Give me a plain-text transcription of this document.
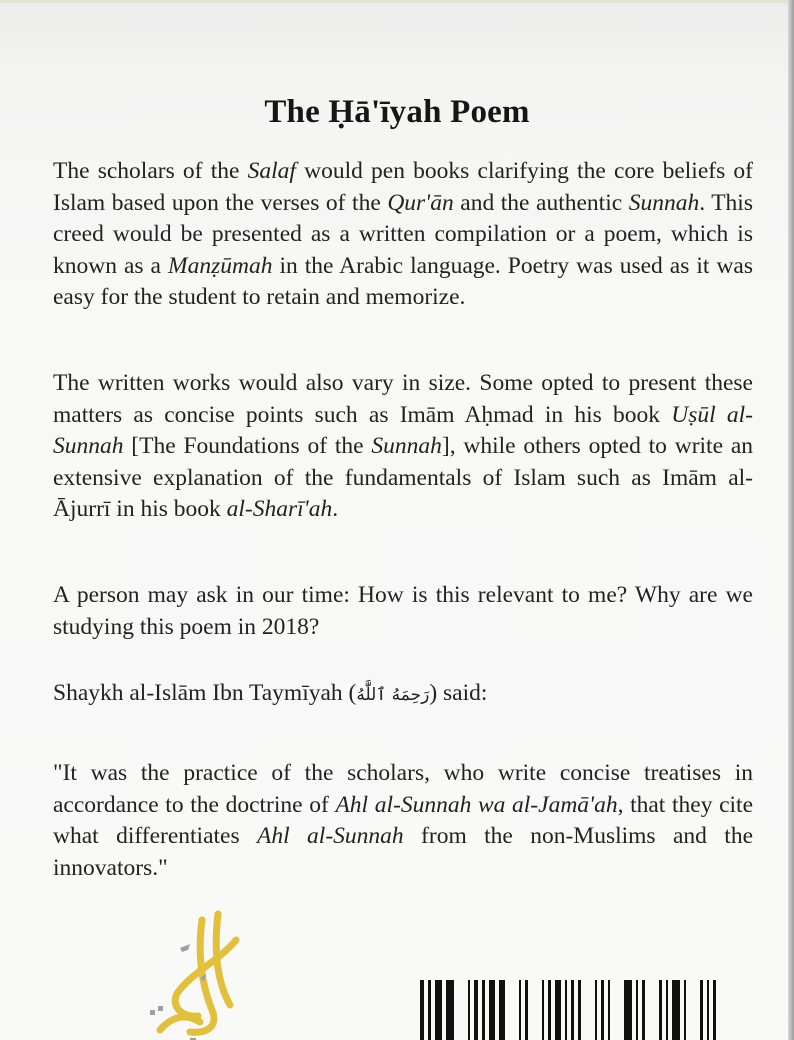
The Ḥā'īyah Poem

The scholars of the Salaf would pen books clarifying the core beliefs of Islam based upon the verses of the Qur'ān and the authentic Sunnah. This creed would be presented as a written compilation or a poem, which is known as a Manẓūmah in the Arabic language. Poetry was used as it was easy for the student to retain and memorize.

The written works would also vary in size. Some opted to present these matters as concise points such as Imām Aḥmad in his book Uṣūl al-Sunnah [The Foundations of the Sunnah], while others opted to write an extensive explanation of the fundamentals of Islam such as Imām al-Ājurrī in his book al-Sharī'ah.

A person may ask in our time: How is this relevant to me? Why are we studying this poem in 2018?

Shaykh al-Islām Ibn Taymīyah (رَحِمَهُ ٱللَّٰهُ) said:

"It was the practice of the scholars, who write concise treatises in accordance to the doctrine of Ahl al-Sunnah wa al-Jamā'ah, that they cite what differentiates Ahl al-Sunnah from the non-Muslims and the innovators."
